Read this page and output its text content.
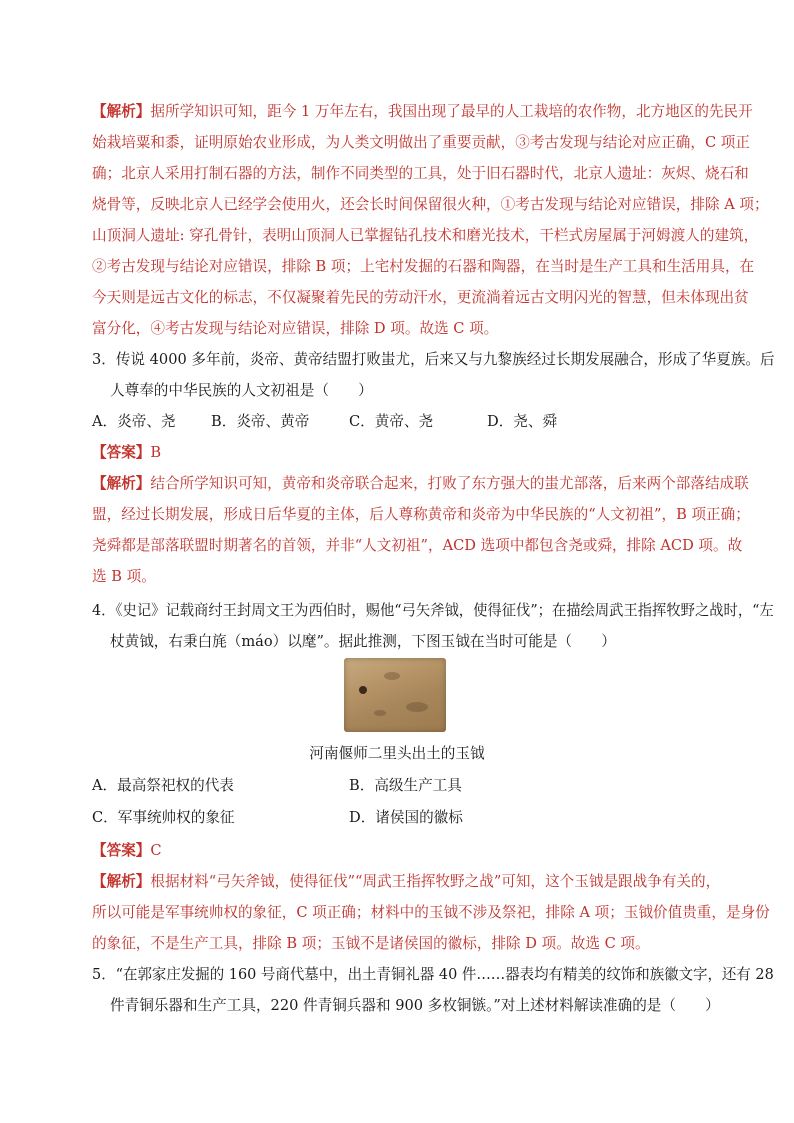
【解析】据所学知识可知，距今 1 万年左右，我国出现了最早的人工栽培的农作物，北方地区的先民开
始栽培粟和黍，证明原始农业形成，为人类文明做出了重要贡献，③考古发现与结论对应正确，C 项正
确；北京人采用打制石器的方法，制作不同类型的工具，处于旧石器时代，北京人遗址：灰烬、烧石和
烧骨等，反映北京人已经学会使用火，还会长时间保留很火种，①考古发现与结论对应错误，排除 A 项；
山顶洞人遗址: 穿孔骨针，表明山顶洞人已掌握钻孔技术和磨光技术，干栏式房屋属于河姆渡人的建筑，
②考古发现与结论对应错误，排除 B 项；上宅村发掘的石器和陶器，在当时是生产工具和生活用具，在
今天则是远古文化的标志，不仅凝聚着先民的劳动汗水，更流淌着远古文明闪光的智慧，但未体现出贫
富分化，④考古发现与结论对应错误，排除 D 项。故选 C 项。
3．传说 4000 多年前，炎帝、黄帝结盟打败蚩尤，后来又与九黎族经过长期发展融合，形成了华夏族。后
人尊奉的中华民族的人文初祖是（　　）
A．炎帝、尧 B．炎帝、黄帝	C．黄帝、尧	D．尧、舜
【答案】B
【解析】结合所学知识可知，黄帝和炎帝联合起来，打败了东方强大的蚩尤部落，后来两个部落结成联
盟，经过长期发展，形成日后华夏的主体，后人尊称黄帝和炎帝为中华民族的“人文初祖”，B 项正确；
尧舜都是部落联盟时期著名的首领，并非“人文初祖”，ACD 选项中都包含尧或舜，排除 ACD 项。故
选 B 项。
4．《史记》记载商纣王封周文王为西伯时，赐他“弓矢斧钺，使得征伐”；在描绘周武王指挥牧野之战时，“左
杖黄钺，右秉白旄（máo）以麾”。据此推测，下图玉钺在当时可能是（　　）
河南偃师二里头出土的玉钺
A．最高祭祀权的代表	B．高级生产工具
C．军事统帅权的象征	D．诸侯国的徽标
【答案】C
【解析】根据材料“弓矢斧钺，使得征伐”“周武王指挥牧野之战”可知，这个玉钺是跟战争有关的，
所以可能是军事统帅权的象征，C 项正确；材料中的玉钺不涉及祭祀，排除 A 项；玉钺价值贵重，是身份
的象征，不是生产工具，排除 B 项；玉钺不是诸侯国的徽标，排除 D 项。故选 C 项。
5．“在郭家庄发掘的 160 号商代墓中，出土青铜礼器 40 件……器表均有精美的纹饰和族徽文字，还有 28
件青铜乐器和生产工具，220 件青铜兵器和 900 多枚铜镞。”对上述材料解读准确的是（　　）
